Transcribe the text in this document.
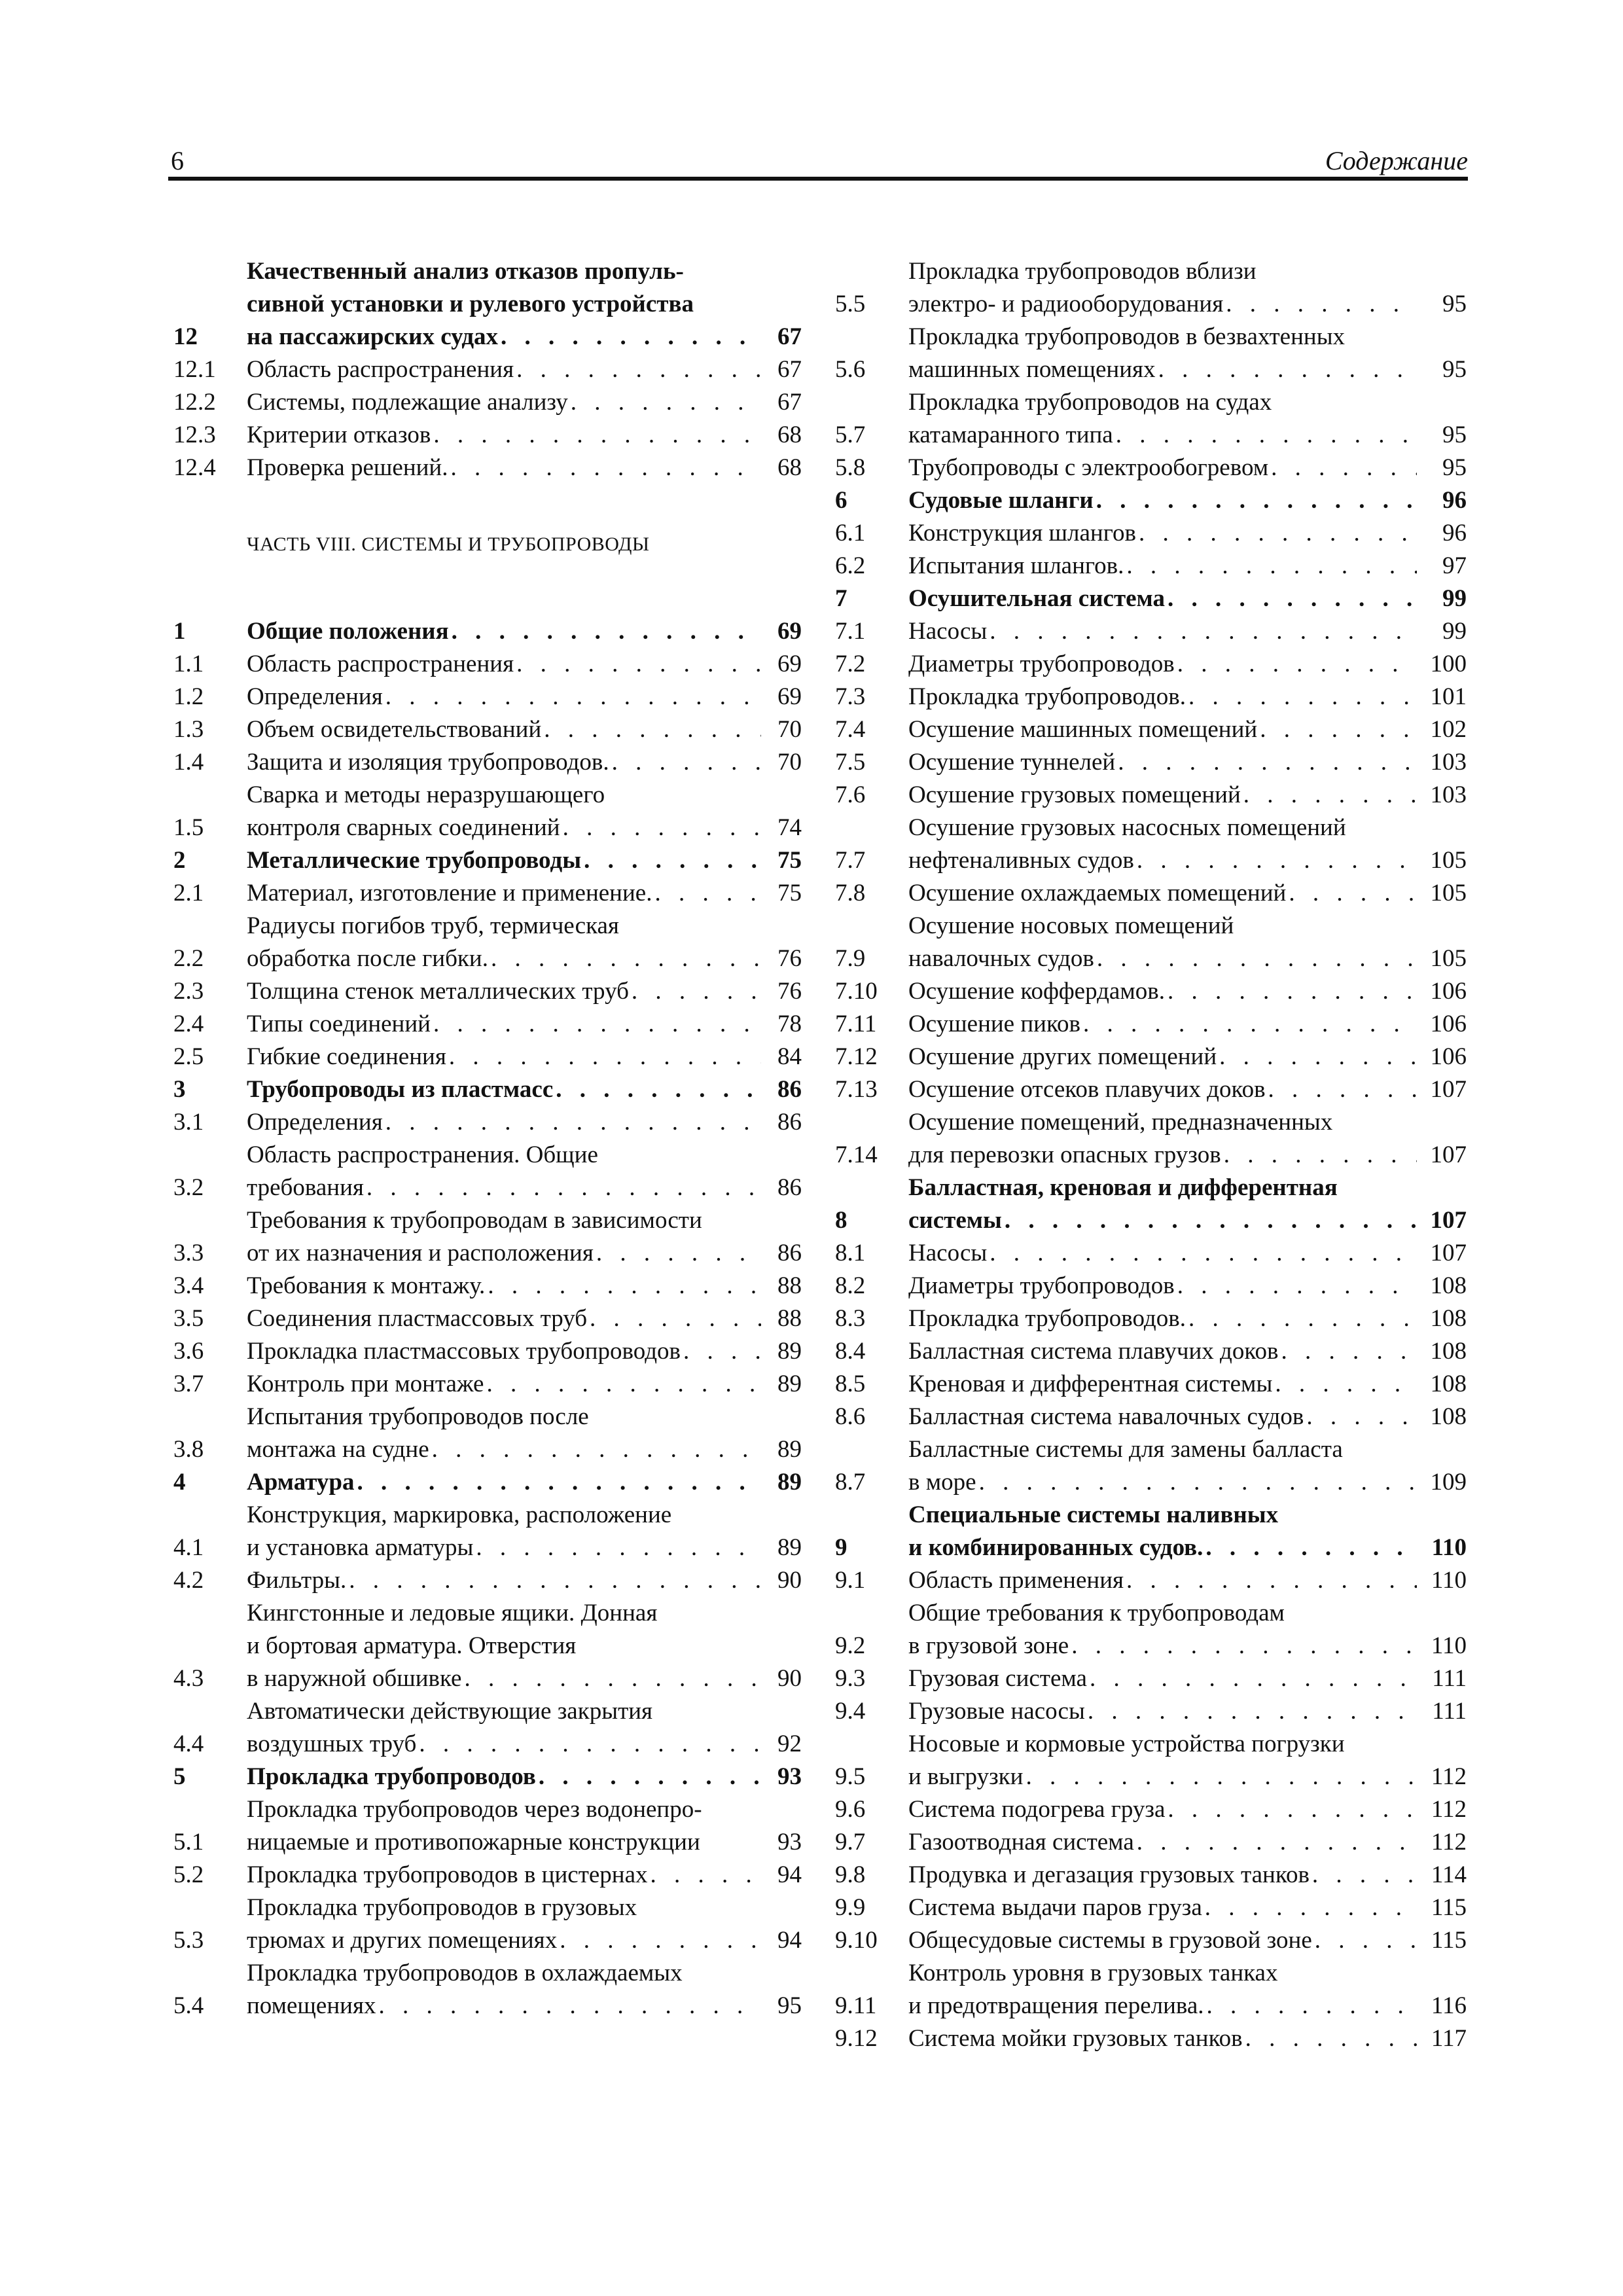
6	Содержание
12
Качественный анализ отказов пропуль-
сивной установки и рулевого устройства
на пассажирских судах . . .	67
12.1	Область распространения . . .	67
12.2	Системы, подлежащие анализу . . .	67
12.3	Критерии отказов . . .	68
12.4	Проверка решений. . . .	68
ЧАСТЬ VIII. СИСТЕМЫ И ТРУБОПРОВОДЫ
1	Общие положения . . .	69
1.1	Область распространения . . .	69
1.2	Определения . . .	69
1.3	Объем освидетельствований . . .	70
1.4	Защита и изоляция трубопроводов. . . .	70
1.5
Сварка и методы неразрушающего
контроля сварных соединений . . .	74
2	Металлические трубопроводы . . .	75
2.1	Материал, изготовление и применение. . . .	75
2.2
Радиусы погибов труб, термическая
обработка после гибки. . . .	76
2.3	Толщина стенок металлических труб . . .	76
2.4	Типы соединений . . .	78
2.5	Гибкие соединения . . .	84
3	Трубопроводы из пластмасс . . .	86
3.1	Определения . . .	86
3.2
Область распространения. Общие
требования . . .	86
3.3
Требования к трубопроводам в зависимости
от их назначения и расположения . . .	86
3.4	Требования к монтажу. . . .	88
3.5	Соединения пластмассовых труб . . .	88
3.6	Прокладка пластмассовых трубопроводов . . .	89
3.7	Контроль при монтаже . . .	89
3.8
Испытания трубопроводов после
монтажа на судне . . .	89
4	Арматура . . .	89
4.1
Конструкция, маркировка, расположение
и установка арматуры . . .	89
4.2	Фильтры. . . .	90
4.3
Кингстонные и ледовые ящики. Донная
и бортовая арматура. Отверстия
в наружной обшивке . . .	90
4.4
Автоматически действующие закрытия
воздушных труб . . .	92
5	Прокладка трубопроводов . . .	93
5.1
Прокладка трубопроводов через водонепро-
ницаемые и противопожарные конструкции	93
5.2	Прокладка трубопроводов в цистернах . . .	94
5.3
Прокладка трубопроводов в грузовых
трюмах и других помещениях . . .	94
5.4
Прокладка трубопроводов в охлаждаемых
помещениях . . .	95
5.5
Прокладка трубопроводов вблизи
электро- и радиооборудования . . .	95
5.6
Прокладка трубопроводов в безвахтенных
машинных помещениях . . .	95
5.7
Прокладка трубопроводов на судах
катамаранного типа . . .	95
5.8	Трубопроводы с электрообогревом . . .	95
6	Судовые шланги . . .	96
6.1	Конструкция шлангов . . .	96
6.2	Испытания шлангов. . . .	97
7	Осушительная система . . .	99
7.1	Насосы . . .	99
7.2	Диаметры трубопроводов . . .	100
7.3	Прокладка трубопроводов. . . .	101
7.4	Осушение машинных помещений . . .	102
7.5	Осушение туннелей . . .	103
7.6	Осушение грузовых помещений . . .	103
7.7
Осушение грузовых насосных помещений
нефтеналивных судов . . .	105
7.8	Осушение охлаждаемых помещений . . .	105
7.9
Осушение носовых помещений
навалочных судов . . .	105
7.10	Осушение коффердамов. . . .	106
7.11	Осушение пиков . . .	106
7.12	Осушение других помещений . . .	106
7.13	Осушение отсеков плавучих доков . . .	107
7.14
Осушение помещений, предназначенных
для перевозки опасных грузов . . .	107
8
Балластная, креновая и дифферентная
системы . . .	107
8.1	Насосы . . .	107
8.2	Диаметры трубопроводов . . .	108
8.3	Прокладка трубопроводов. . . .	108
8.4	Балластная система плавучих доков . . .	108
8.5	Креновая и дифферентная системы . . .	108
8.6	Балластная система навалочных судов . . .	108
8.7
Балластные системы для замены балласта
в море . . .	109
9
Специальные системы наливных
и комбинированных судов. . . .	110
9.1	Область применения . . .	110
9.2
Общие требования к трубопроводам
в грузовой зоне . . .	110
9.3	Грузовая система . . .	111
9.4	Грузовые насосы . . .	111
9.5
Носовые и кормовые устройства погрузки
и выгрузки . . .	112
9.6	Система подогрева груза . . .	112
9.7	Газоотводная система . . .	112
9.8	Продувка и дегазация грузовых танков . . .	114
9.9	Система выдачи паров груза . . .	115
9.10	Общесудовые системы в грузовой зоне . . .	115
9.11
Контроль уровня в грузовых танках
и предотвращения перелива. . . .	116
9.12	Система мойки грузовых танков . . .	117
